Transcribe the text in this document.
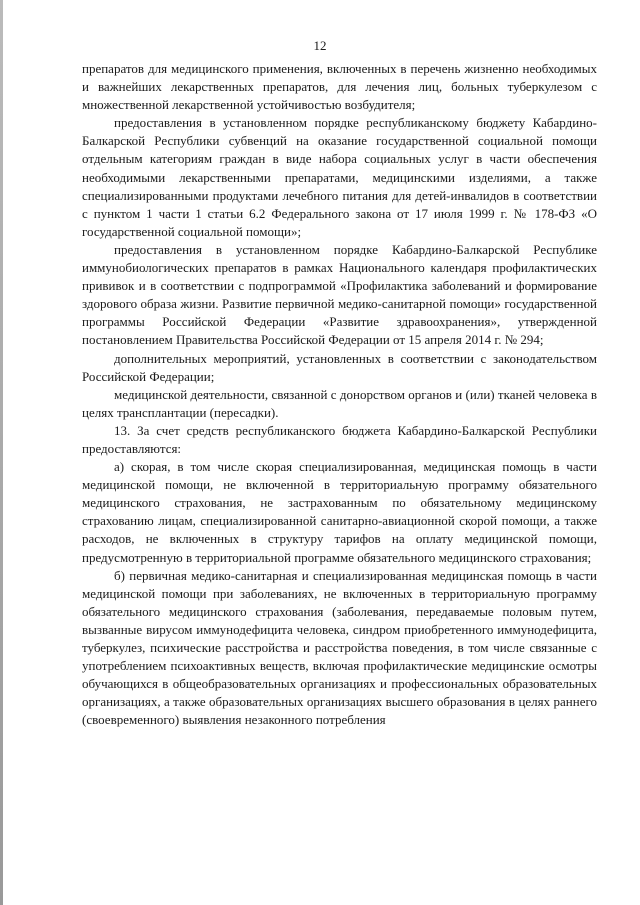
12

препаратов для медицинского применения, включенных в перечень жизненно необходимых и важнейших лекарственных препаратов, для лечения лиц, больных туберкулезом с множественной лекарственной устойчивостью возбудителя;

предоставления в установленном порядке республиканскому бюджету Кабардино-Балкарской Республики субвенций на оказание государственной социальной помощи отдельным категориям граждан в виде набора социальных услуг в части обеспечения необходимыми лекарственными препаратами, медицинскими изделиями, а также специализированными продуктами лечебного питания для детей-инвалидов в соответствии с пунктом 1 части 1 статьи 6.2 Федерального закона от 17 июля 1999 г. № 178-ФЗ «О государственной социальной помощи»;

предоставления в установленном порядке Кабардино-Балкарской Республике иммунобиологических препаратов в рамках Национального календаря профилактических прививок и в соответствии с подпрограммой «Профилактика заболеваний и формирование здорового образа жизни. Развитие первичной медико-санитарной помощи» государственной программы Российской Федерации «Развитие здравоохранения», утвержденной постановлением Правительства Российской Федерации от 15 апреля 2014 г. № 294;

дополнительных мероприятий, установленных в соответствии с законодательством Российской Федерации;

медицинской деятельности, связанной с донорством органов и (или) тканей человека в целях трансплантации (пересадки).

13. За счет средств республиканского бюджета Кабардино-Балкарской Республики предоставляются:

а) скорая, в том числе скорая специализированная, медицинская помощь в части медицинской помощи, не включенной в территориальную программу обязательного медицинского страхования, не застрахованным по обязательному медицинскому страхованию лицам, специализированной санитарно-авиационной скорой помощи, а также расходов, не включенных в структуру тарифов на оплату медицинской помощи, предусмотренную в территориальной программе обязательного медицинского страхования;

б) первичная медико-санитарная и специализированная медицинская помощь в части медицинской помощи при заболеваниях, не включенных в территориальную программу обязательного медицинского страхования (заболевания, передаваемые половым путем, вызванные вирусом иммунодефицита человека, синдром приобретенного иммунодефицита, туберкулез, психические расстройства и расстройства поведения, в том числе связанные с употреблением психоактивных веществ, включая профилактические медицинские осмотры обучающихся в общеобразовательных организациях и профессиональных образовательных организациях, а также образовательных организациях высшего образования в целях раннего (своевременного) выявления незаконного потребления
